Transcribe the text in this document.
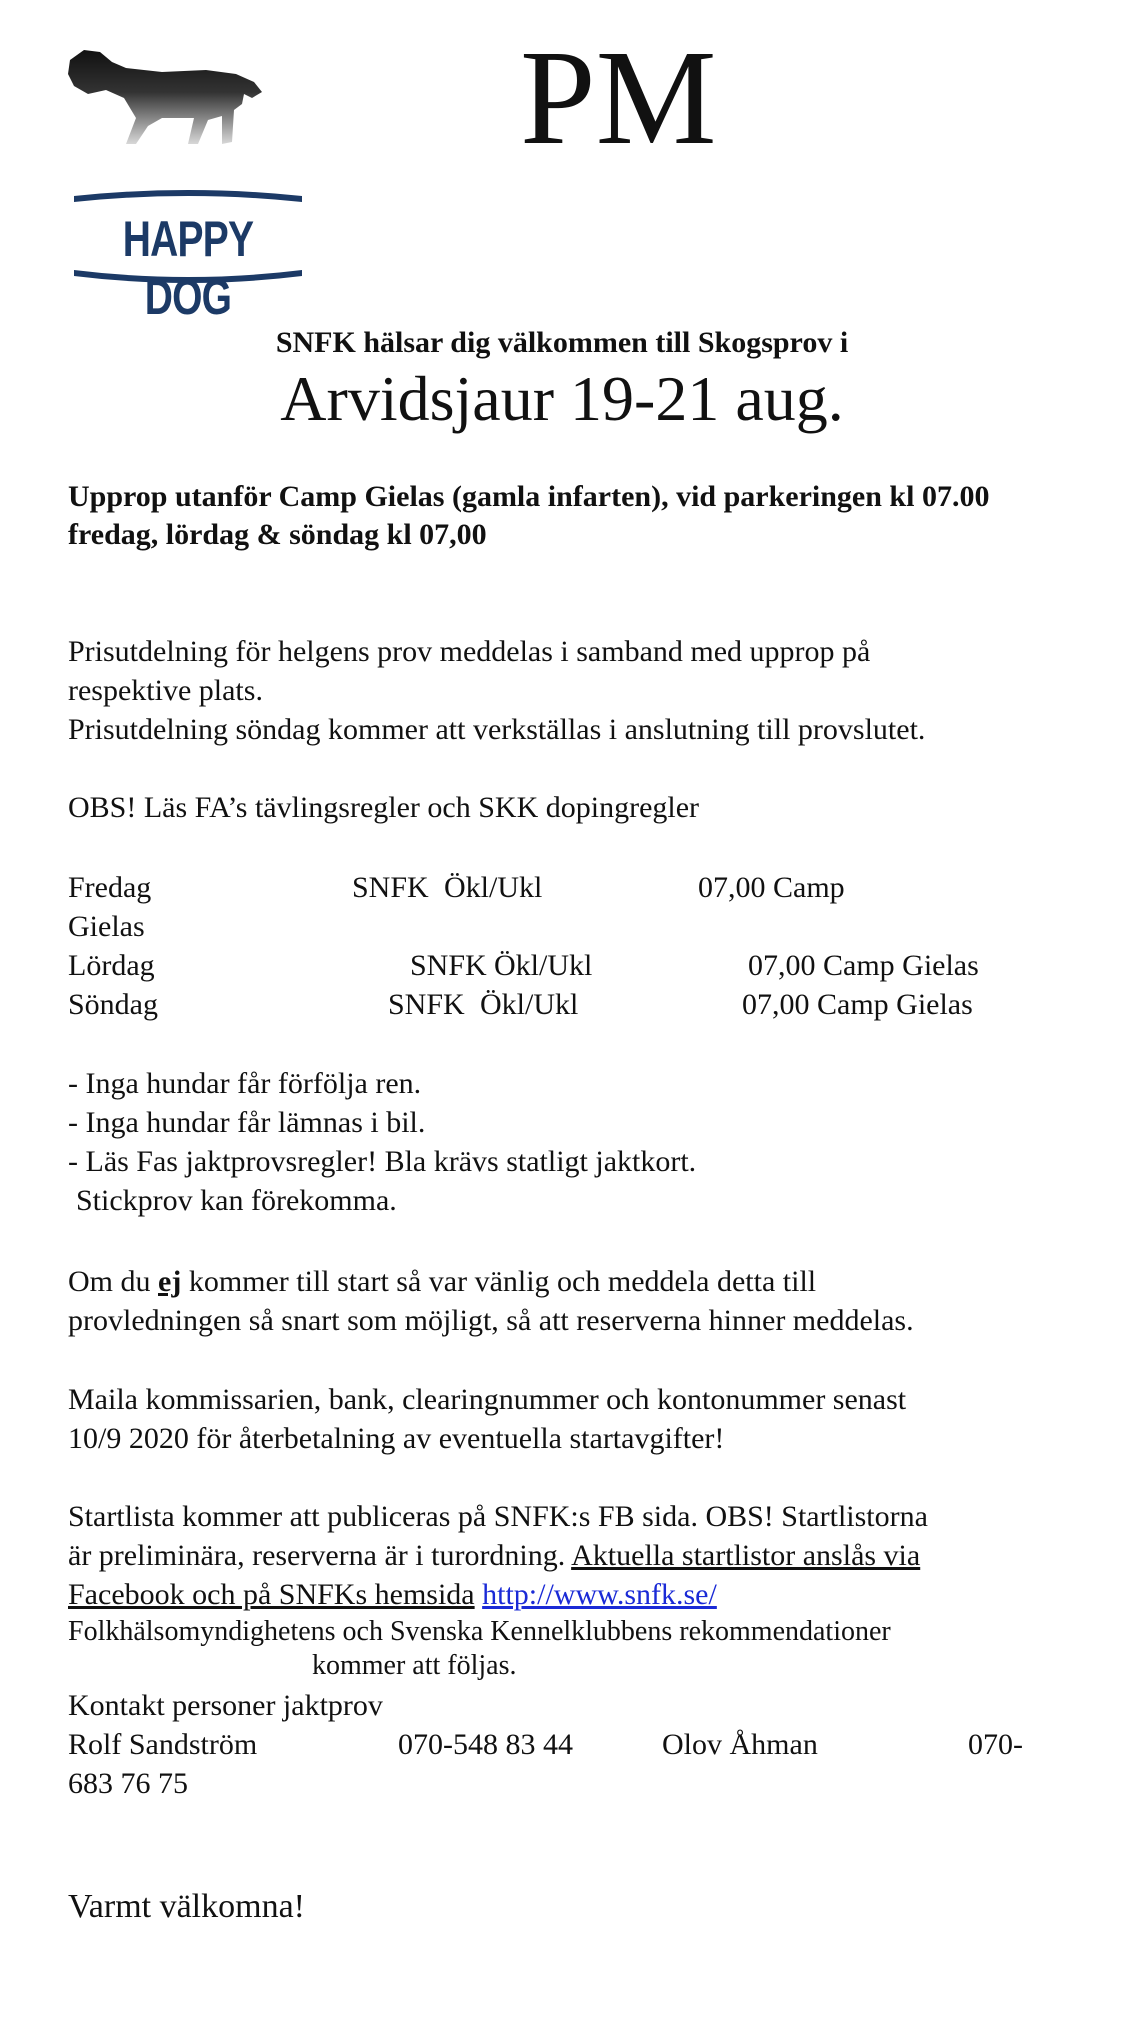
HAPPY DOG
PM
SNFK hälsar dig välkommen till Skogsprov i
Arvidsjaur 19-21 aug.
Upprop utanför Camp Gielas (gamla infarten), vid parkeringen kl 07.00
fredag, lördag & söndag kl 07,00
Prisutdelning för helgens prov meddelas i samband med upprop på
respektive plats.
Prisutdelning söndag kommer att verkställas i anslutning till provslutet.
OBS! Läs FA’s tävlingsregler och SKK dopingregler
Fredag	SNFK Ökl/Ukl	07,00 Camp
Gielas
Lördag	SNFK Ökl/Ukl	07,00 Camp Gielas
Söndag	SNFK Ökl/Ukl	07,00 Camp Gielas
- Inga hundar får förfölja ren.
- Inga hundar får lämnas i bil.
- Läs Fas jaktprovsregler! Bla krävs statligt jaktkort.
Stickprov kan förekomma.
Om du ej kommer till start så var vänlig och meddela detta till
provledningen så snart som möjligt, så att reserverna hinner meddelas.
Maila kommissarien, bank, clearingnummer och kontonummer senast
10/9 2020 för återbetalning av eventuella startavgifter!
Startlista kommer att publiceras på SNFK:s FB sida. OBS! Startlistorna
är preliminära, reserverna är i turordning. Aktuella startlistor anslås via
Facebook och på SNFKs hemsida http://www.snfk.se/
Folkhälsomyndighetens och Svenska Kennelklubbens rekommendationer
kommer att följas.
Kontakt personer jaktprov
Rolf Sandström	070-548 83 44	Olov Åhman	070-
683 76 75
Varmt välkomna!
